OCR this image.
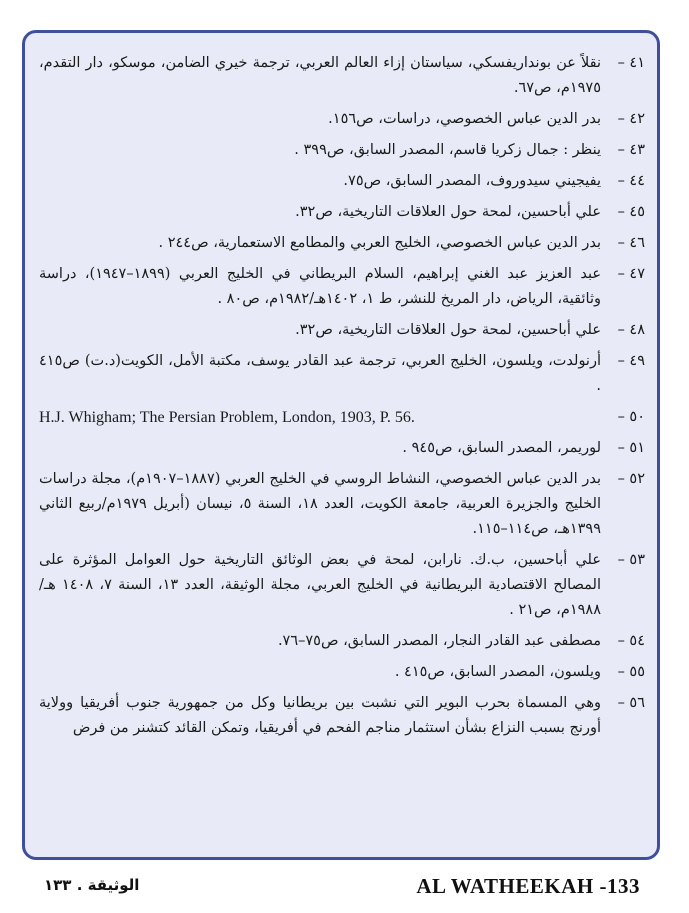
٤١ –
نقلاً عن بونداريفسكي، سياستان إزاء العالم العربي، ترجمة خيري الضامن، موسكو، دار التقدم، ١٩٧٥م، ص٦٧.
٤٢ –
بدر الدين عباس الخصوصي، دراسات، ص١٥٦.
٤٣ –
ينظر : جمال زكريا قاسم، المصدر السابق، ص٣٩٩ .
٤٤ –
يفيجيني سيدوروف، المصدر السابق، ص٧٥.
٤٥ –
علي أباحسين، لمحة حول العلاقات التاريخية، ص٣٢.
٤٦ –
بدر الدين عباس الخصوصي، الخليج العربي والمطامع الاستعمارية، ص٢٤٤ .
٤٧ –
عبد العزيز عبد الغني إبراهيم، السلام البريطاني في الخليج العربي (١٨٩٩–١٩٤٧)، دراسة وثائقية، الرياض، دار المريخ للنشر، ط ١، ١٤٠٢هـ/١٩٨٢م، ص٨٠ .
٤٨ –
علي أباحسين، لمحة حول العلاقات التاريخية، ص٣٢.
٤٩ –
أرنولدت، ويلسون، الخليج العربي، ترجمة عبد القادر يوسف، مكتبة الأمل، الكويت(د.ت) ص٤١٥ .
٥٠ –
H.J. Whigham; The Persian Problem, London, 1903, P. 56.
٥١ –
لوريمر، المصدر السابق، ص٩٤٥ .
٥٢ –
بدر الدين عباس الخصوصي، النشاط الروسي في الخليج العربي (١٨٨٧–١٩٠٧م)، مجلة دراسات الخليج والجزيرة العربية، جامعة الكويت، العدد ١٨، السنة ٥، نيسان (أبريل ١٩٧٩م/ربيع الثاني ١٣٩٩هـ، ص١١٤–١١٥.
٥٣ –
علي أباحسين، ب.ك. نارابن، لمحة في بعض الوثائق التاريخية حول العوامل المؤثرة على المصالح الاقتصادية البريطانية في الخليج العربي، مجلة الوثيقة، العدد ١٣، السنة ٧، ١٤٠٨ هـ/١٩٨٨م، ص٢١ .
٥٤ –
مصطفى عبد القادر النجار، المصدر السابق، ص٧٥–٧٦.
٥٥ –
ويلسون، المصدر السابق، ص٤١٥ .
٥٦ –
وهي المسماة بحرب البوير التي نشبت بين بريطانيا وكل من جمهورية جنوب أفريقيا وولاية أورنج بسبب النزاع بشأن استثمار مناجم الفحم في أفريقيا، وتمكن القائد كتشنر من فرض
AL WATHEEKAH -133
الوثيقة . ١٣٣
